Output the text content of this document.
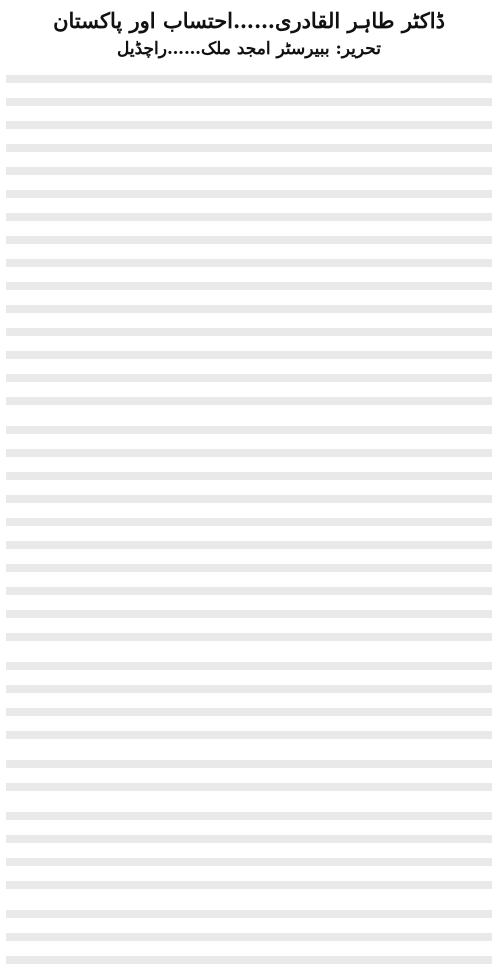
ڈاکٹر طاہر القادری……احتساب اور پاکستان
تحریر: ببیرسٹر امجد ملک……راچڈیل
